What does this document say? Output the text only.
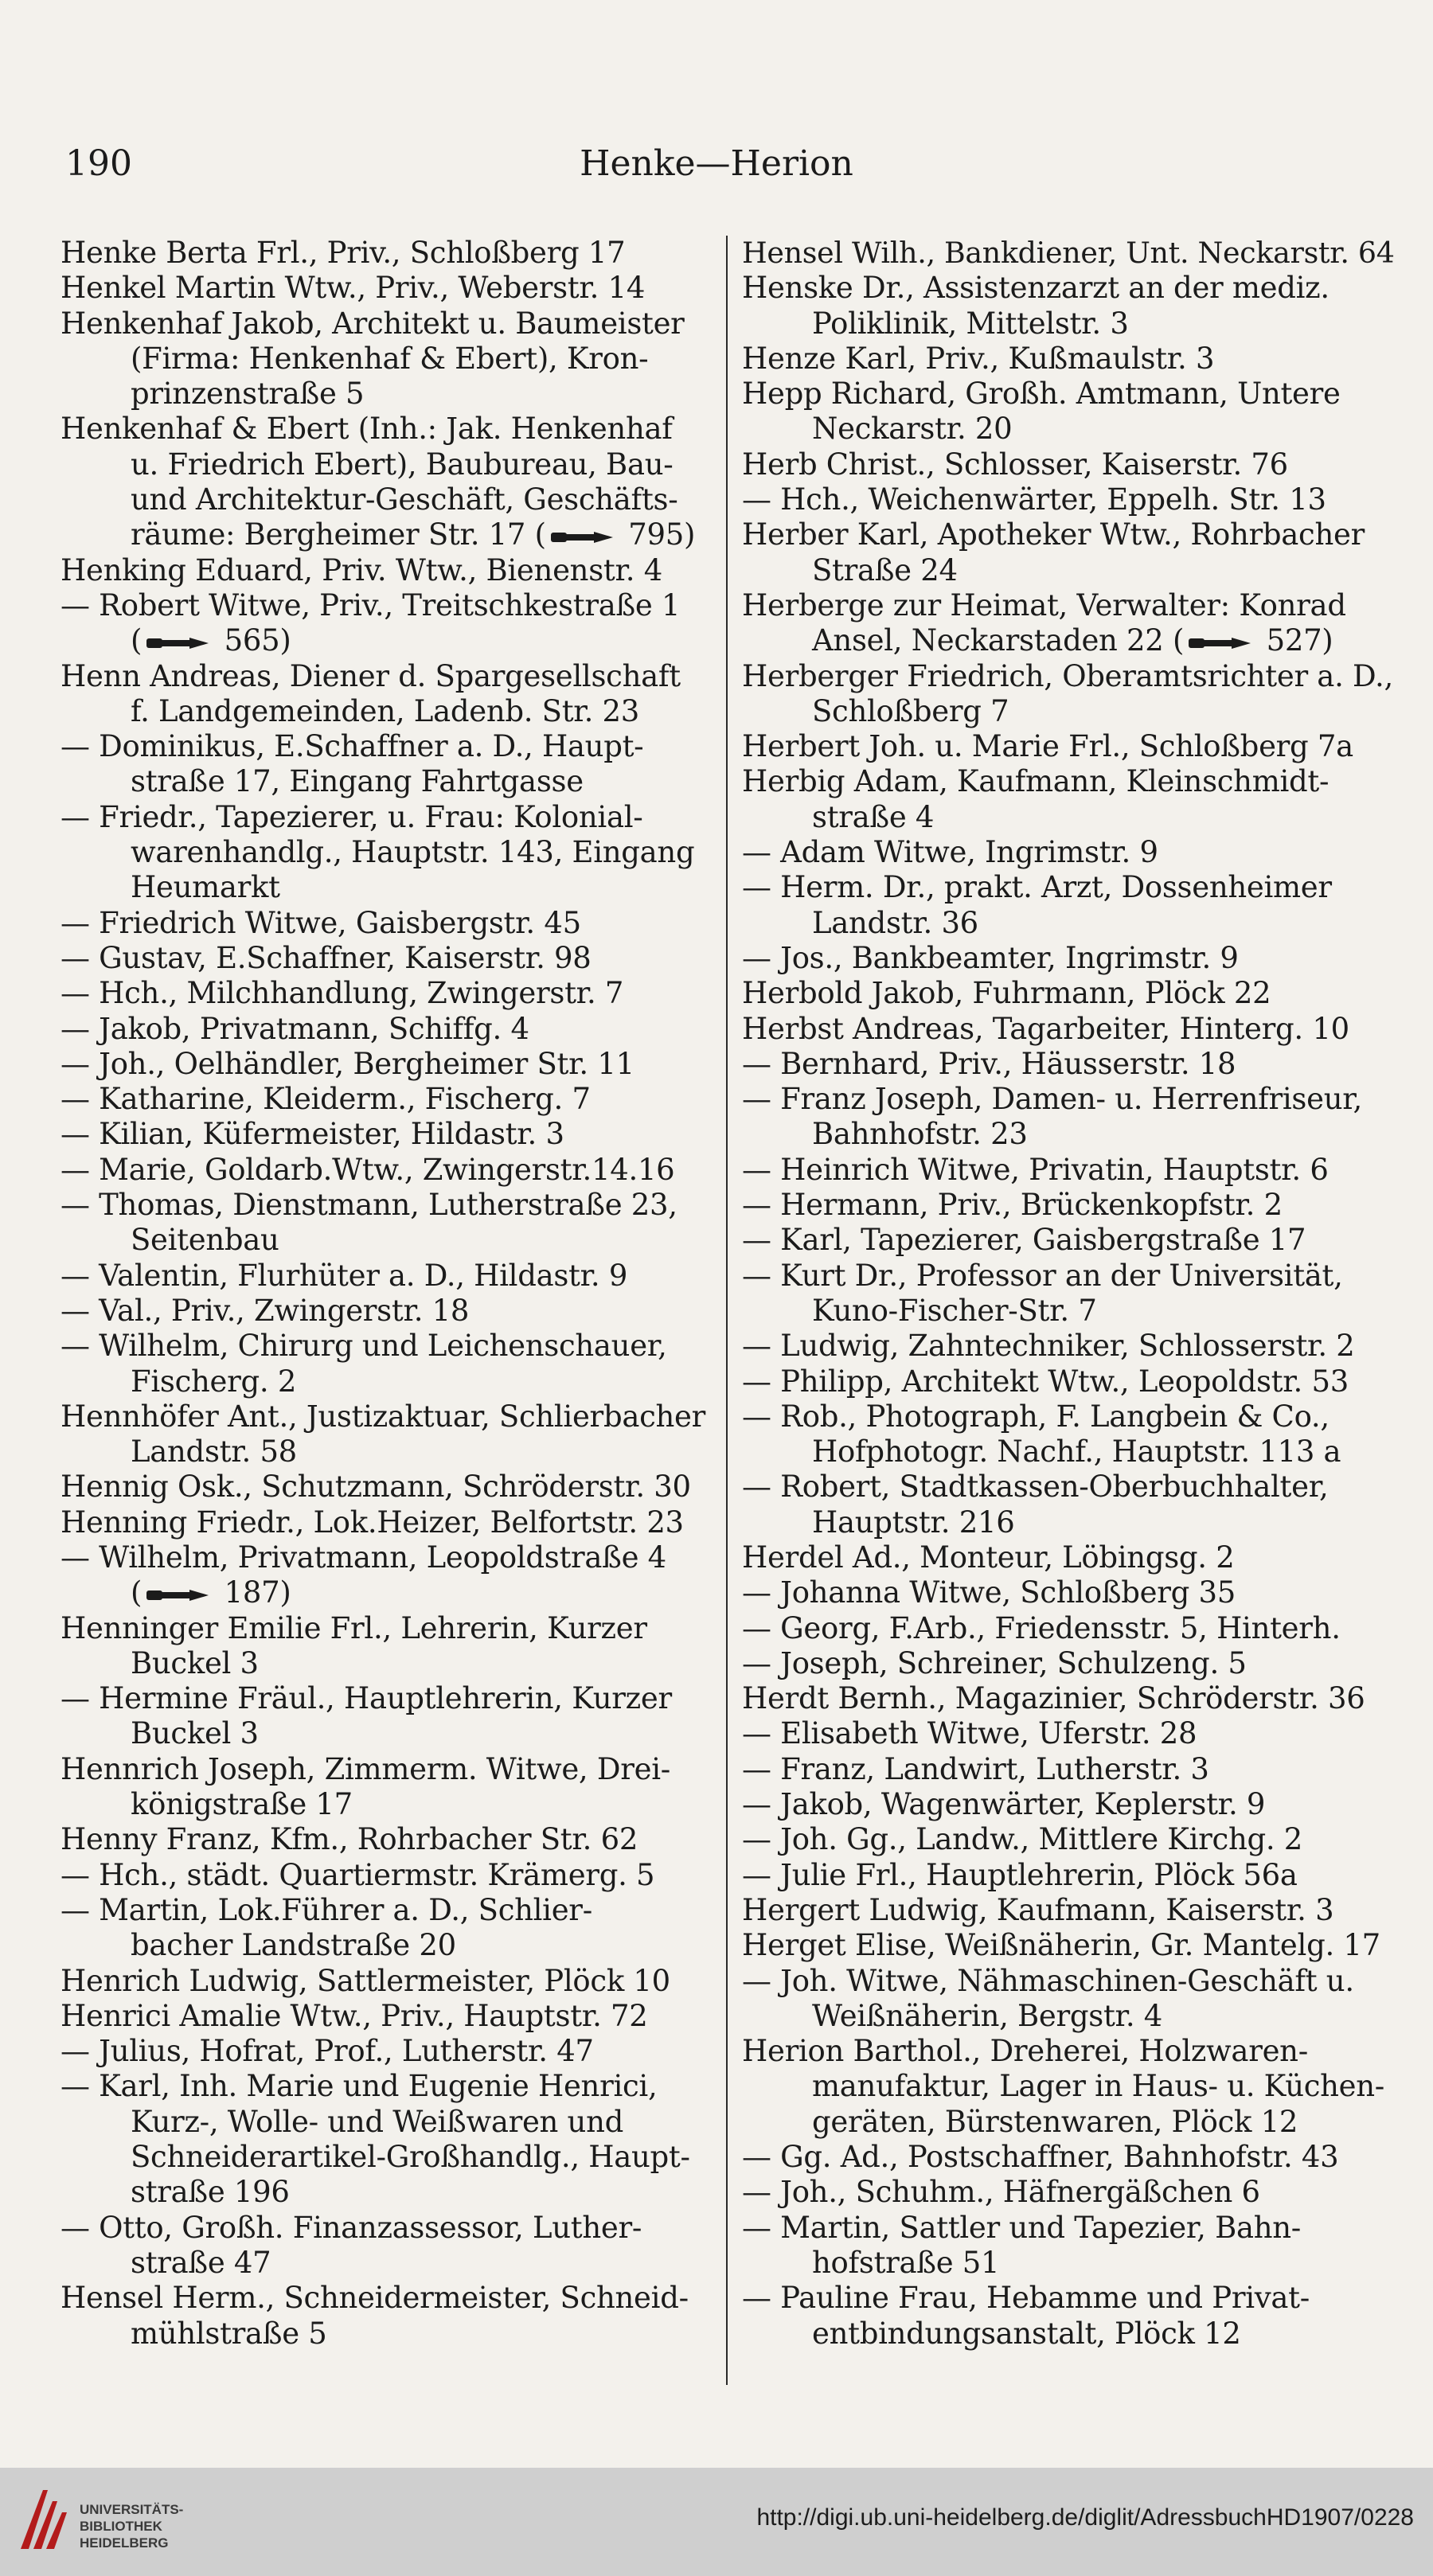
190	Henke—Herion
Henke Berta Frl., Priv., Schloßberg 17
Henkel Martin Wtw., Priv., Weberstr. 14
Henkenhaf Jakob, Architekt u. Baumeister
(Firma: Henkenhaf & Ebert), Kron-
prinzenstraße 5
Henkenhaf & Ebert (Inh.: Jak. Henkenhaf
u. Friedrich Ebert), Baubureau, Bau-
und Architektur-Geschäft, Geschäfts-
räume: Bergheimer Str. 17 ( 795)
Henking Eduard, Priv. Wtw., Bienenstr. 4
— Robert Witwe, Priv., Treitschkestraße 1
( 565)
Henn Andreas, Diener d. Spargesellschaft
f. Landgemeinden, Ladenb. Str. 23
— Dominikus, E.Schaffner a. D., Haupt-
straße 17, Eingang Fahrtgasse
— Friedr., Tapezierer, u. Frau: Kolonial-
warenhandlg., Hauptstr. 143, Eingang
Heumarkt
— Friedrich Witwe, Gaisbergstr. 45
— Gustav, E.Schaffner, Kaiserstr. 98
— Hch., Milchhandlung, Zwingerstr. 7
— Jakob, Privatmann, Schiffg. 4
— Joh., Oelhändler, Bergheimer Str. 11
— Katharine, Kleiderm., Fischerg. 7
— Kilian, Küfermeister, Hildastr. 3
— Marie, Goldarb.Wtw., Zwingerstr.14.16
— Thomas, Dienstmann, Lutherstraße 23,
Seitenbau
— Valentin, Flurhüter a. D., Hildastr. 9
— Val., Priv., Zwingerstr. 18
— Wilhelm, Chirurg und Leichenschauer,
Fischerg. 2
Hennhöfer Ant., Justizaktuar, Schlierbacher
Landstr. 58
Hennig Osk., Schutzmann, Schröderstr. 30
Henning Friedr., Lok.Heizer, Belfortstr. 23
— Wilhelm, Privatmann, Leopoldstraße 4
( 187)
Henninger Emilie Frl., Lehrerin, Kurzer
Buckel 3
— Hermine Fräul., Hauptlehrerin, Kurzer
Buckel 3
Hennrich Joseph, Zimmerm. Witwe, Drei-
königstraße 17
Henny Franz, Kfm., Rohrbacher Str. 62
— Hch., städt. Quartiermstr. Krämerg. 5
— Martin, Lok.Führer a. D., Schlier-
bacher Landstraße 20
Henrich Ludwig, Sattlermeister, Plöck 10
Henrici Amalie Wtw., Priv., Hauptstr. 72
— Julius, Hofrat, Prof., Lutherstr. 47
— Karl, Inh. Marie und Eugenie Henrici,
Kurz-, Wolle- und Weißwaren und
Schneiderartikel-Großhandlg., Haupt-
straße 196
— Otto, Großh. Finanzassessor, Luther-
straße 47
Hensel Herm., Schneidermeister, Schneid-
mühlstraße 5
Hensel Wilh., Bankdiener, Unt. Neckarstr. 64
Henske Dr., Assistenzarzt an der mediz.
Poliklinik, Mittelstr. 3
Henze Karl, Priv., Kußmaulstr. 3
Hepp Richard, Großh. Amtmann, Untere
Neckarstr. 20
Herb Christ., Schlosser, Kaiserstr. 76
— Hch., Weichenwärter, Eppelh. Str. 13
Herber Karl, Apotheker Wtw., Rohrbacher
Straße 24
Herberge zur Heimat, Verwalter: Konrad
Ansel, Neckarstaden 22 ( 527)
Herberger Friedrich, Oberamtsrichter a. D.,
Schloßberg 7
Herbert Joh. u. Marie Frl., Schloßberg 7a
Herbig Adam, Kaufmann, Kleinschmidt-
straße 4
— Adam Witwe, Ingrimstr. 9
— Herm. Dr., prakt. Arzt, Dossenheimer
Landstr. 36
— Jos., Bankbeamter, Ingrimstr. 9
Herbold Jakob, Fuhrmann, Plöck 22
Herbst Andreas, Tagarbeiter, Hinterg. 10
— Bernhard, Priv., Häusserstr. 18
— Franz Joseph, Damen- u. Herrenfriseur,
Bahnhofstr. 23
— Heinrich Witwe, Privatin, Hauptstr. 6
— Hermann, Priv., Brückenkopfstr. 2
— Karl, Tapezierer, Gaisbergstraße 17
— Kurt Dr., Professor an der Universität,
Kuno-Fischer-Str. 7
— Ludwig, Zahntechniker, Schlosserstr. 2
— Philipp, Architekt Wtw., Leopoldstr. 53
— Rob., Photograph, F. Langbein & Co.,
Hofphotogr. Nachf., Hauptstr. 113 a
— Robert, Stadtkassen-Oberbuchhalter,
Hauptstr. 216
Herdel Ad., Monteur, Löbingsg. 2
— Johanna Witwe, Schloßberg 35
— Georg, F.Arb., Friedensstr. 5, Hinterh.
— Joseph, Schreiner, Schulzeng. 5
Herdt Bernh., Magazinier, Schröderstr. 36
— Elisabeth Witwe, Uferstr. 28
— Franz, Landwirt, Lutherstr. 3
— Jakob, Wagenwärter, Keplerstr. 9
— Joh. Gg., Landw., Mittlere Kirchg. 2
— Julie Frl., Hauptlehrerin, Plöck 56a
Hergert Ludwig, Kaufmann, Kaiserstr. 3
Herget Elise, Weißnäherin, Gr. Mantelg. 17
— Joh. Witwe, Nähmaschinen-Geschäft u.
Weißnäherin, Bergstr. 4
Herion Barthol., Dreherei, Holzwaren-
manufaktur, Lager in Haus- u. Küchen-
geräten, Bürstenwaren, Plöck 12
— Gg. Ad., Postschaffner, Bahnhofstr. 43
— Joh., Schuhm., Häfnergäßchen 6
— Martin, Sattler und Tapezier, Bahn-
hofstraße 51
— Pauline Frau, Hebamme und Privat-
entbindungsanstalt, Plöck 12
UNIVERSITÄTS-
BIBLIOTHEK
HEIDELBERG
http://digi.ub.uni-heidelberg.de/diglit/AdressbuchHD1907/0228
